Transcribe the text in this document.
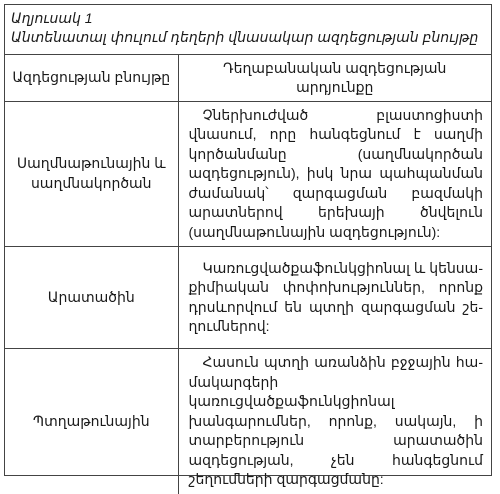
Աղյուսակ 1
Անտենատալ փուլում դեղերի վնասակար ազդեցության բնույթը
Ազդեցության բնույթը	Դեղաբանական ազդեցության արդյունքը
Սաղմնաթունային և սաղմնակործան	Չներխուժված բլաստոցիստի վնասում, որը հանգեցնում է սաղմի կործանմանը (սաղմնակործան ազդեցություն), իսկ նրա պահպանման ժամանակ՝ զարգացման բազմակի արատներով երեխայի ծնվելուն (սաղմնաթունային ազդեցություն):
Արատածին	Կառուցվածքաֆունկցիոնալ և կենսաքիմիական փոփոխություններ, որոնք դրսևորվում են պտղի զարգացման շեղումներով:
Պտղաթունային	Հասուն պտղի առանձին բջջային համակարգերի կառուցվածքաֆունկցիոնալ խանգարումներ, որոնք, սակայն, ի տարբերություն արատածին ազդեցության, չեն հանգեցնում շեղումների զարգացմանը:
